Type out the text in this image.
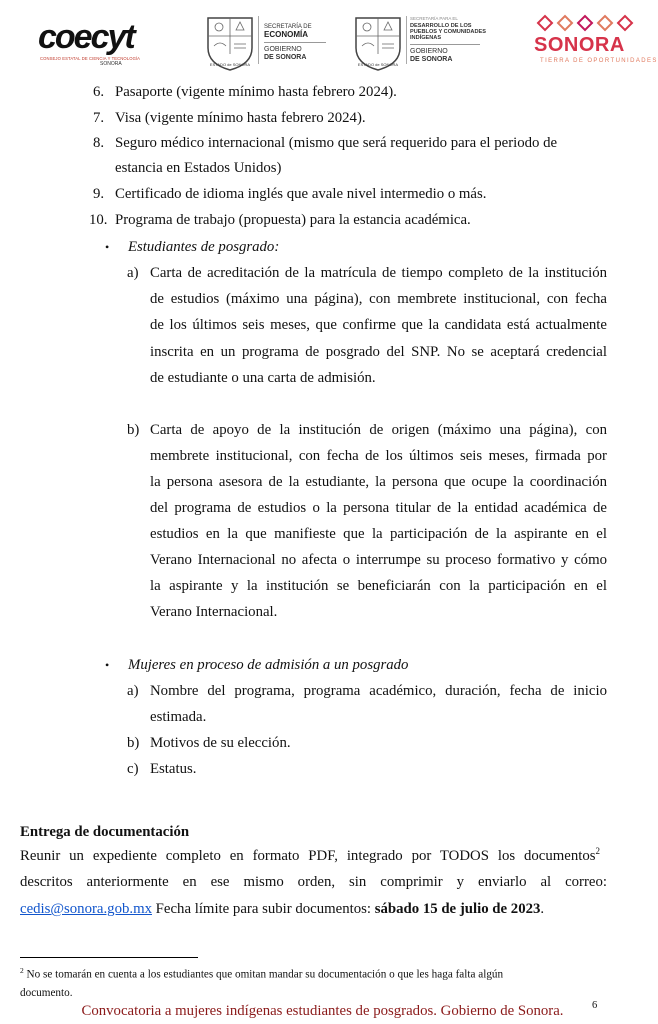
coecyt
CONSEJO ESTATAL DE CIENCIA Y TECNOLOGÍA
SONORA	ESTADO de SONORA
SECRETARÍA DE
ECONOMÍA
GOBIERNO
DE SONORA
ESTADO de SONORA
SECRETARÍA PARA EL
DESARROLLO DE LOS
PUEBLOS Y COMUNIDADES
INDÍGENAS
GOBIERNO
DE SONORA
SONORA
TIERRA DE OPORTUNIDADES
6. Pasaporte (vigente mínimo hasta febrero 2024).
7. Visa (vigente mínimo hasta febrero 2024).
8. Seguro médico internacional (mismo que será requerido para el periodo de
estancia en Estados Unidos)
9. Certificado de idioma inglés que avale nivel intermedio o más.
10. Programa de trabajo (propuesta) para la estancia académica.
• Estudiantes de posgrado:
a) Carta de acreditación de la matrícula de tiempo completo de la institución
de estudios (máximo una página), con membrete institucional, con fecha
de los últimos seis meses, que confirme que la candidata está actualmente
inscrita en un programa de posgrado del SNP. No se aceptará credencial
de estudiante o una carta de admisión.
b) Carta de apoyo de la institución de origen (máximo una página), con
membrete institucional, con fecha de los últimos seis meses, firmada por
la persona asesora de la estudiante, la persona que ocupe la coordinación
del programa de estudios o la persona titular de la entidad académica de
estudios en la que manifieste que la participación de la aspirante en el
Verano Internacional no afecta o interrumpe su proceso formativo y cómo
la aspirante y la institución se beneficiarán con la participación en el
Verano Internacional.
• Mujeres en proceso de admisión a un posgrado
a) Nombre del programa, programa académico, duración, fecha de inicio
estimada.
b) Motivos de su elección.
c) Estatus.
Entrega de documentación
Reunir un expediente completo en formato PDF, integrado por TODOS los documentos$^2$
descritos anteriormente en ese mismo orden, sin comprimir y enviarlo al correo:
cedis@sonora.gob.mx Fecha límite para subir documentos: sábado 15 de julio de 2023.
$^2$ No se tomarán en cuenta a los estudiantes que omitan mandar su documentación o que les haga falta algún
documento.
Convocatoria a mujeres indígenas estudiantes de posgrados. Gobierno de Sonora.	6
